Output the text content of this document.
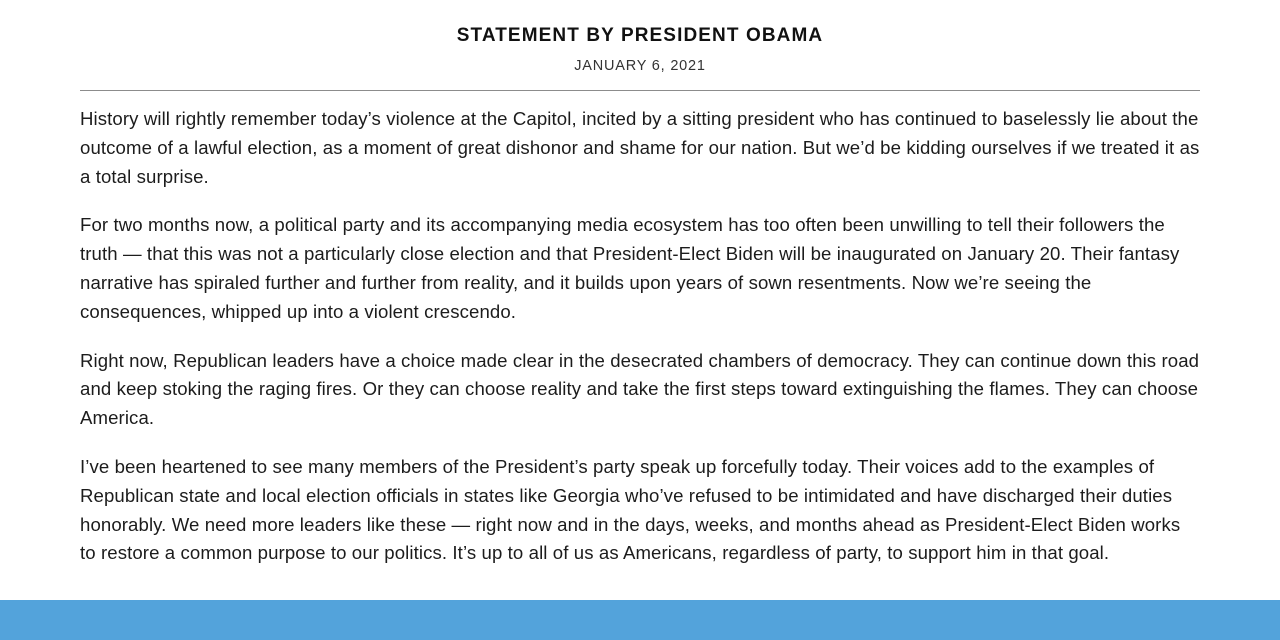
STATEMENT BY PRESIDENT OBAMA
JANUARY 6, 2021

History will rightly remember today’s violence at the Capitol, incited by a sitting president who has continued to baselessly lie about the outcome of a lawful election, as a moment of great dishonor and shame for our nation. But we’d be kidding ourselves if we treated it as a total surprise.

For two months now, a political party and its accompanying media ecosystem has too often been unwilling to tell their followers the truth — that this was not a particularly close election and that President-Elect Biden will be inaugurated on January 20. Their fantasy narrative has spiraled further and further from reality, and it builds upon years of sown resentments. Now we’re seeing the consequences, whipped up into a violent crescendo.

Right now, Republican leaders have a choice made clear in the desecrated chambers of democracy. They can continue down this road and keep stoking the raging fires. Or they can choose reality and take the first steps toward extinguishing the flames. They can choose America.

I’ve been heartened to see many members of the President’s party speak up forcefully today. Their voices add to the examples of Republican state and local election officials in states like Georgia who’ve refused to be intimidated and have discharged their duties honorably. We need more leaders like these — right now and in the days, weeks, and months ahead as President-Elect Biden works to restore a common purpose to our politics. It’s up to all of us as Americans, regardless of party, to support him in that goal.
